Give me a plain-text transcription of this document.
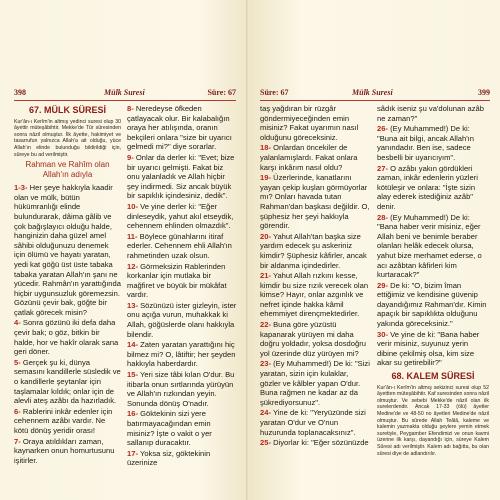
398	Mülk Suresi	Süre: 67
67. MÜLK SÜRESİ

Kur'ân-ı Kerîm'in altmış yedinci suresi olup 30 âyettir müteşâbihtir. Mekke'de Tûr sûresinden sonra nâzil olmuştur. İlk âyette, hakimiyet ve tasarrufun yalnızca Allah'a ait olduğu, yüce Allah'ın elinde bulunduğu bildirildiği için, sûreye bu ad verilmiştir.

Rahman ve Rahîm olan Allah'ın adıyla

1-3- Her şeye hakkıyla kaadir olan ve mülk, bütün hükümranlığı elinde bulundurarak, dâima gâlib ve çok bağışlayıcı olduğu halde, hanginizin daha güzel amel sâhibi olduğunuzu denemek için ölümü ve hayatı yaratan, yedi kat göğü üst üste tabaka tabaka yaratan Allah'ın şanı ne yücedir. Rahmân'ın yarattığında hiçbir uygunsuzluk göremezsin. Gözünü çevir bak, göğte bir çatlak görecek misin?

4- Sonra gözünü iki defa daha çevir bak; o göz, bitkin bir halde, hor ve hakîr olarak sana geri döner.

5- Gerçek şu ki, dünya semasını kandillerle süsledik ve o kandillerle şeytanlar için taşlamalar kıldık; onlar için de alevli ateş azâbı da hazırladık.

6- Rablerini inkâr edenler için cehennem azâbı vardır. Ne kötü dönüş yeridir orası!

7- Oraya atıldıkları zaman, kaynarken onun homurtusunu işitirler.

8- Neredeyse öfkeden çatlayacak olur. Bir kalabalığın oraya her atılışında, oranın bekçileri onlara "size bir uyarıcı gelmedi mi?" diye sorarlar.

9- Onlar da derler ki: "Evet; bize bir uyarıcı gelmişti. Fakat biz onu yalanladık ve Allah hiçbir şey indirmedi. Siz ancak büyük bir sapıklık içindesiniz, dedik".

10- Ve yine derler ki: "Eğer dinleseydik, yahut akıl etseydik, cehennem ehlinden olmazdık".

11- Böylece günahlarını itiraf ederler. Cehennem ehli Allah'ın rahmetinden uzak olsun.

12- Görmeksizin Rablerinden korkanlar için mutlaka bir mağfiret ve büyük bir mükâfat vardır.

13- Sözünüzü ister gizleyin, ister onu açığa vurun, muhakkak ki Allah, göğüslerde olanı hakkıyla bilendir.

14- Zaten yaratan yarattığını hiç bilmez mi? O, lâtiftir; her şeyden hakkıyla haberdardır.

15- Yeri size tâbi kılan O'dur. Bu itibarla onun sırtlarında yürüyün ve Allah'ın rızkından yeyin. Sonunda dönüş O'nadır.

16- Göktekinin sizi yere batırmayacağından emin misiniz? İşte o vakit o yer sallanıp duracaktır.

17- Yoksa siz, göktekinin üzerinize

Süre: 67	Mülk Suresi	399

taş yağdıran bir rüzgâr göndermiyeceğinden emin misiniz? Fakat uyarımın nasıl olduğunu göreceksiniz.

18- Onlardan öncekiler de yalanlamışlardı. Fakat onlara karşı inkârım nasıl oldu?

19- Üzerlerinde, kanatlarını yayan çekip kuşları görmüyorlar mı? Onları havada tutan Rahman'dan başkası değildir. O, şüphesiz her şeyi hakkıyla görendir.

20- Yahut Allah'tan başka size yardım edecek şu askeriniz kimdir? Şüphesiz kâfirler, ancak bir aldanma içindedirler.

21- Yahut Allah rızkını kesse, kimdir bu size rızık verecek olan kimse? Hayır, onlar azgınlık ve nefret içinde hakka kâmil ehemmiyet dirençmektedirler.

22- Buna göre yüzüstü kapanarak yürüyen mi daha doğru yoldadır, yoksa dosdoğru yol üzerinde düz yürüyen mi?

23- (Ey Muhammed!) De ki: "Sizi yaratan, sizin için kulaklar, gözler ve kâlbler yapan O'dur. Buna rağmen ne kadar az da şükrediyorsunuz".

24- Yine de ki: "Yeryüzünde sizi yaratan O'dur ve O'nun huzurunda toplanacaksınız".

25- Diyorlar ki: "Eğer sözünüzde

sâdık iseniz şu va'dolunan azâb ne zaman?"

26- (Ey Muhammed!) De ki: "Buna ait bilgi, ancak Allah'ın yanındadır. Ben ise, sadece besbelli bir uyarıcıyım".

27- O azâbı yakın gördükleri zaman, inkâr edenlerin yüzleri kötüleşir ve onlara: "İşte sizin alay ederek istediğiniz azâb" denir.

28- (Ey Muhammed!) De ki: "Bana haber verir misiniz, eğer Allah beni ve benimle beraber olanları helâk edecek olursa, yahut bize merhamet ederse, o acı azâbtan kâfirleri kim kurtaracak?"

29- De ki: "O, bizim îman ettiğimiz ve kendisine güvenip dayandığımız Rahman'dır. Kimin apaçık bir sapıklıkta olduğunu yakında göreceksiniz."

30- Ve yine de ki: "Bana haber verir misiniz, suyunuz yerin dibine çekilmiş olsa, kim size akar su getirebilir?"

68. KALEM SÜRESİ

Kur'ân-ı Kerîm'in altmış sekizinci suresi olup 52 âyettten müteşâbihtir. Kaf suresinden sonra nâzil olmuştur. Ve sebebi Mekke'de nâzil olan ilk surelerdendir. Ancak 17-33 (ölü) âyetler Medine'de ve 48-50 no âyetleri Medine'de nâzil olmuştur. Bu sûrede Allah Teâlâ, kaleme ve kalemin yazmakta olduğu şeylere yemin etmek suretiyle, Peygamber Efendimizi ve onun kavmi üzerine ilk karşı, dayandığı için, süreye Kalem Sûresi adı verilmiştir. Kalem adı bağıtta, bu olan sûresi diye de adlandırılır.
